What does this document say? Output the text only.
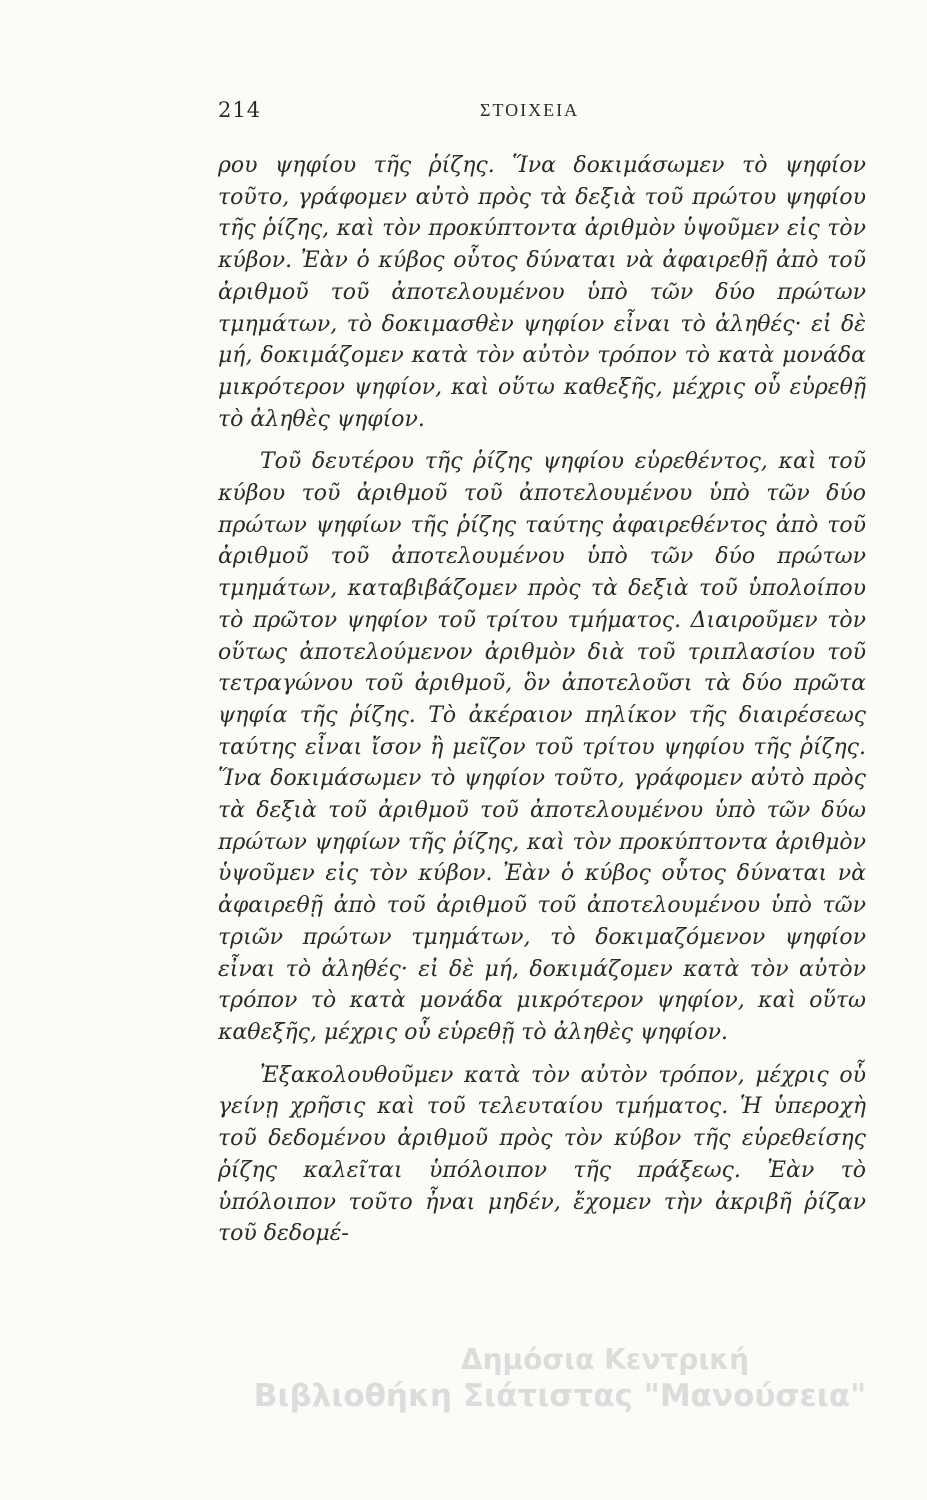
214	ΣΤΟΙΧΕΙΑ

ρου ψηφίου τῆς ῥίζης. Ἵνα δοκιμάσωμεν τὸ ψηφίον τοῦτο, γράφομεν αὐτὸ πρὸς τὰ δεξιὰ τοῦ πρώτου ψηφίου τῆς ῥίζης, καὶ τὸν προκύπτοντα ἀριθμὸν ὑψοῦμεν εἰς τὸν κύβον. Ἐὰν ὁ κύβος οὗτος δύναται νὰ ἀφαιρεθῇ ἀπὸ τοῦ ἀριθμοῦ τοῦ ἀποτελουμένου ὑπὸ τῶν δύο πρώτων τμημάτων, τὸ δοκιμασθὲν ψηφίον εἶναι τὸ ἀληθές· εἰ δὲ μή, δοκιμάζομεν κατὰ τὸν αὐτὸν τρόπον τὸ κατὰ μονάδα μικρότερον ψηφίον, καὶ οὕτω καθεξῆς, μέχρις οὗ εὑρεθῇ τὸ ἀληθὲς ψηφίον.

Τοῦ δευτέρου τῆς ῥίζης ψηφίου εὑρεθέντος, καὶ τοῦ κύβου τοῦ ἀριθμοῦ τοῦ ἀποτελουμένου ὑπὸ τῶν δύο πρώτων ψηφίων τῆς ῥίζης ταύτης ἀφαιρεθέντος ἀπὸ τοῦ ἀριθμοῦ τοῦ ἀποτελουμένου ὑπὸ τῶν δύο πρώτων τμημάτων, καταβιβάζομεν πρὸς τὰ δεξιὰ τοῦ ὑπολοίπου τὸ πρῶτον ψηφίον τοῦ τρίτου τμήματος. Διαιροῦμεν τὸν οὕτως ἀποτελούμενον ἀριθμὸν διὰ τοῦ τριπλασίου τοῦ τετραγώνου τοῦ ἀριθμοῦ, ὃν ἀποτελοῦσι τὰ δύο πρῶτα ψηφία τῆς ῥίζης. Τὸ ἀκέραιον πηλίκον τῆς διαιρέσεως ταύτης εἶναι ἴσον ἢ μεῖζον τοῦ τρίτου ψηφίου τῆς ῥίζης. Ἵνα δοκιμάσωμεν τὸ ψηφίον τοῦτο, γράφομεν αὐτὸ πρὸς τὰ δεξιὰ τοῦ ἀριθμοῦ τοῦ ἀποτελουμένου ὑπὸ τῶν δύω πρώτων ψηφίων τῆς ῥίζης, καὶ τὸν προκύπτοντα ἀριθμὸν ὑψοῦμεν εἰς τὸν κύβον. Ἐὰν ὁ κύβος οὗτος δύναται νὰ ἀφαιρεθῇ ἀπὸ τοῦ ἀριθμοῦ τοῦ ἀποτελουμένου ὑπὸ τῶν τριῶν πρώτων τμημάτων, τὸ δοκιμαζόμενον ψηφίον εἶναι τὸ ἀληθές· εἰ δὲ μή, δοκιμάζομεν κατὰ τὸν αὐτὸν τρόπον τὸ κατὰ μονάδα μικρότερον ψηφίον, καὶ οὕτω καθεξῆς, μέχρις οὗ εὑρεθῇ τὸ ἀληθὲς ψηφίον.

Ἐξακολουθοῦμεν κατὰ τὸν αὐτὸν τρόπον, μέχρις οὗ γείνῃ χρῆσις καὶ τοῦ τελευταίου τμήματος. Ἡ ὑπεροχὴ τοῦ δεδομένου ἀριθμοῦ πρὸς τὸν κύβον τῆς εὑρεθείσης ῥίζης καλεῖται ὑπόλοιπον τῆς πράξεως. Ἐὰν τὸ ὑπόλοιπον τοῦτο ἦναι μηδέν, ἔχομεν τὴν ἀκριβῆ ῥίζαν τοῦ δεδομέ-

Δημόσια Κεντρική
Βιβλιοθήκη Σιάτιστας "Μανούσεια"
